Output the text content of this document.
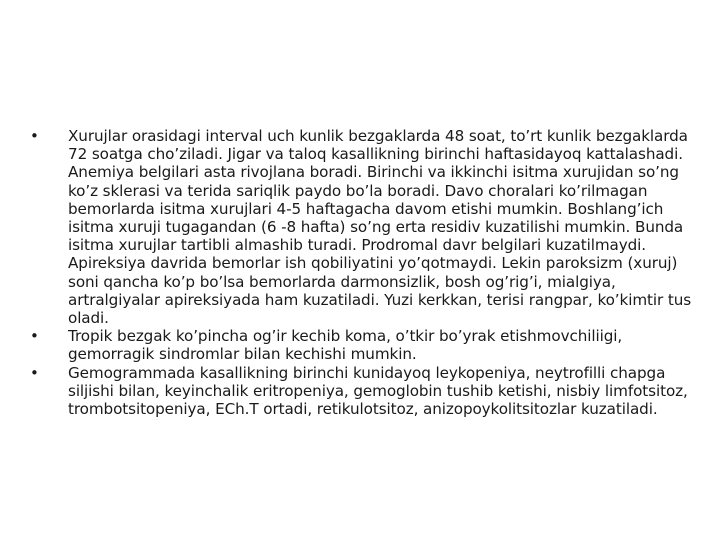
•	Xurujlar orasidagi interval uch kunlik bezgaklarda 48 soat, to’rt kunlik bezgaklarda 72 soatga cho’ziladi. Jigar va taloq kasallikning birinchi haftasidayoq kattalashadi. Anemiya belgilari asta rivojlana boradi. Birinchi va ikkinchi isitma xurujidan so’ng ko’z sklerasi va terida sariqlik paydo bo’la boradi. Davo choralari ko’rilmagan bemorlarda isitma xurujlari 4-5 haftagacha davom etishi mumkin. Boshlang’ich isitma xuruji tugagandan (6 -8 hafta) so’ng erta residiv kuzatilishi mumkin. Bunda isitma xurujlar tartibli almashib turadi. Prodromal davr belgilari kuzatilmaydi. Apireksiya davrida bemorlar ish qobiliyatini yo’qotmaydi. Lekin paroksizm (xuruj) soni qancha ko’p bo’lsa bemorlarda darmonsizlik, bosh og’rig’i, mialgiya, artralgiyalar apireksiyada ham kuzatiladi. Yuzi kerkkan, terisi rangpar, ko’kimtir tus oladi.
•	Tropik bezgak ko’pincha og’ir kechib koma, o’tkir bo’yrak etishmovchiliigi, gemorragik sindromlar bilan kechishi mumkin.
•	Gemogrammada kasallikning birinchi kunidayoq leykopeniya, neytrofilli chapga siljishi bilan, keyinchalik eritropeniya, gemoglobin tushib ketishi, nisbiy limfotsitoz, trombotsitopeniya, ECh.T ortadi, retikulotsitoz, anizopoykolitsitozlar kuzatiladi.
